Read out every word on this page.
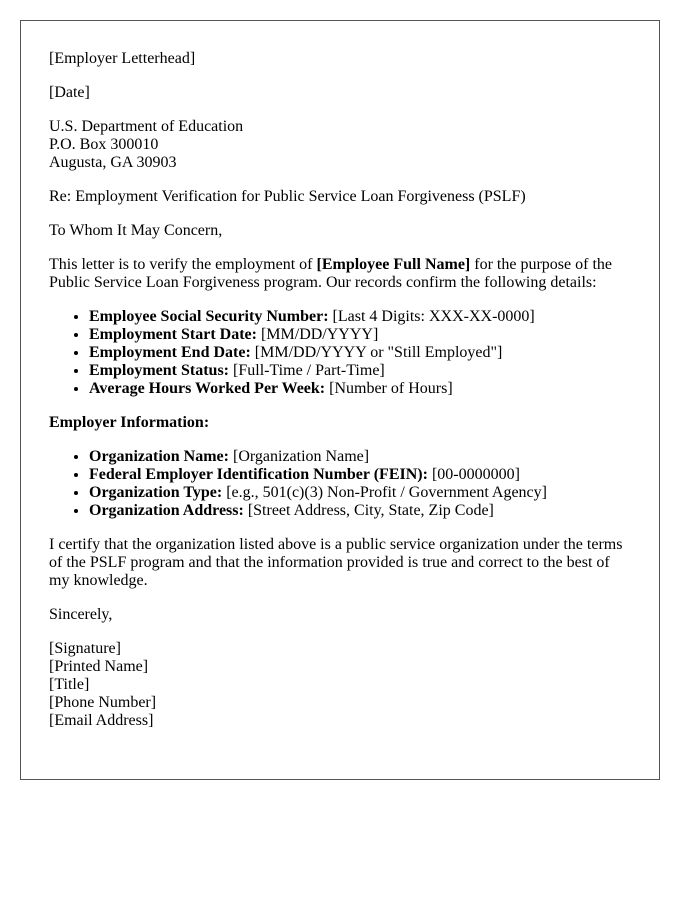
[Employer Letterhead]

[Date]

U.S. Department of Education
P.O. Box 300010
Augusta, GA 30903

Re: Employment Verification for Public Service Loan Forgiveness (PSLF)

To Whom It May Concern,

This letter is to verify the employment of [Employee Full Name] for the purpose of the Public Service Loan Forgiveness program. Our records confirm the following details:

• Employee Social Security Number: [Last 4 Digits: XXX-XX-0000]
• Employment Start Date: [MM/DD/YYYY]
• Employment End Date: [MM/DD/YYYY or "Still Employed"]
• Employment Status: [Full-Time / Part-Time]
• Average Hours Worked Per Week: [Number of Hours]

Employer Information:

• Organization Name: [Organization Name]
• Federal Employer Identification Number (FEIN): [00-0000000]
• Organization Type: [e.g., 501(c)(3) Non-Profit / Government Agency]
• Organization Address: [Street Address, City, State, Zip Code]

I certify that the organization listed above is a public service organization under the terms of the PSLF program and that the information provided is true and correct to the best of my knowledge.

Sincerely,

[Signature]
[Printed Name]
[Title]
[Phone Number]
[Email Address]
